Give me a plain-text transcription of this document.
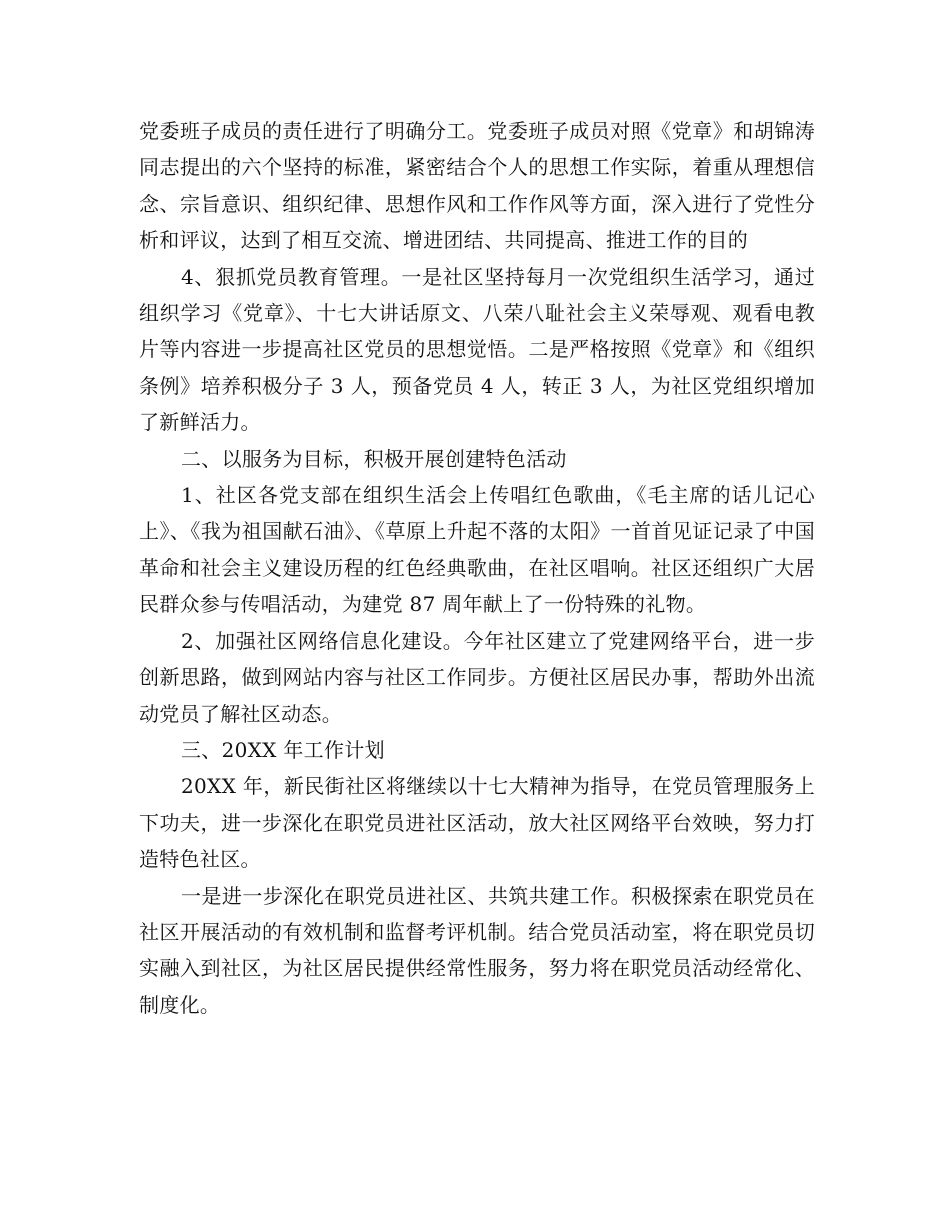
党委班子成员的责任进行了明确分工。党委班子成员对照《党章》和胡锦涛同志提出的六个坚持的标准，紧密结合个人的思想工作实际，着重从理想信念、宗旨意识、组织纪律、思想作风和工作作风等方面，深入进行了党性分析和评议，达到了相互交流、增进团结、共同提高、推进工作的目的

4、狠抓党员教育管理。一是社区坚持每月一次党组织生活学习，通过组织学习《党章》、十七大讲话原文、八荣八耻社会主义荣辱观、观看电教片等内容进一步提高社区党员的思想觉悟。二是严格按照《党章》和《组织条例》培养积极分子 3 人，预备党员 4 人，转正 3 人，为社区党组织增加了新鲜活力。

二、以服务为目标，积极开展创建特色活动

1、社区各党支部在组织生活会上传唱红色歌曲，《毛主席的话儿记心上》、《我为祖国献石油》、《草原上升起不落的太阳》一首首见证记录了中国革命和社会主义建设历程的红色经典歌曲，在社区唱响。社区还组织广大居民群众参与传唱活动，为建党 87 周年献上了一份特殊的礼物。

2、加强社区网络信息化建设。今年社区建立了党建网络平台，进一步创新思路，做到网站内容与社区工作同步。方便社区居民办事，帮助外出流动党员了解社区动态。

三、20XX 年工作计划

20XX 年，新民街社区将继续以十七大精神为指导，在党员管理服务上下功夫，进一步深化在职党员进社区活动，放大社区网络平台效映，努力打造特色社区。

一是进一步深化在职党员进社区、共筑共建工作。积极探索在职党员在社区开展活动的有效机制和监督考评机制。结合党员活动室，将在职党员切实融入到社区，为社区居民提供经常性服务，努力将在职党员活动经常化、制度化。
